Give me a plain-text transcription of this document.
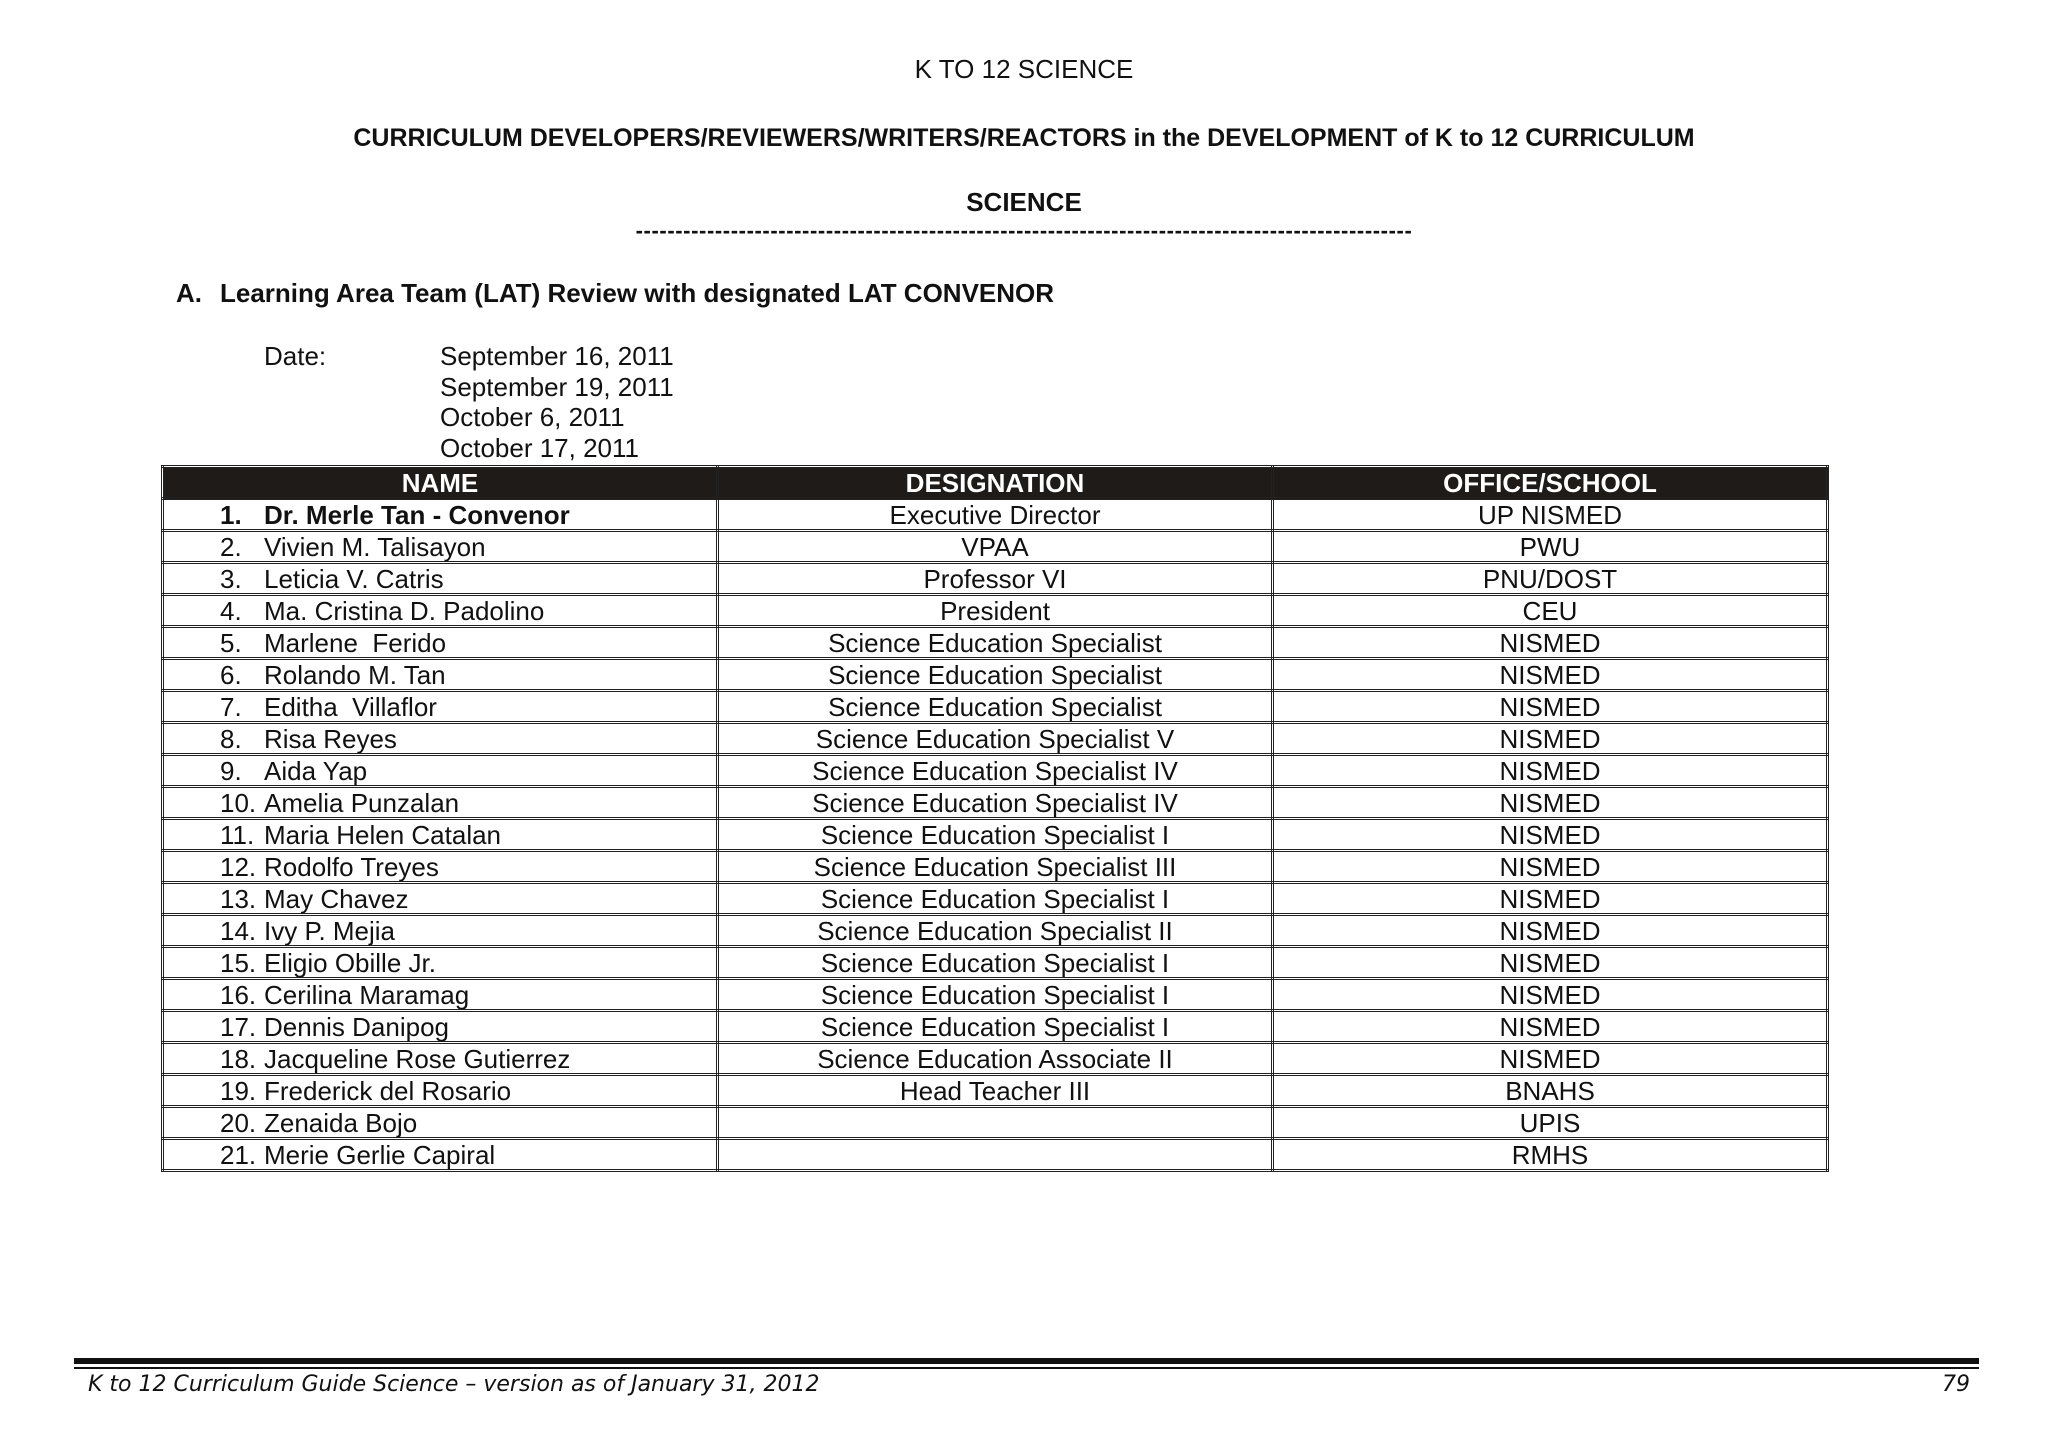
K TO 12 SCIENCE
CURRICULUM DEVELOPERS/REVIEWERS/WRITERS/REACTORS in the DEVELOPMENT of K to 12 CURRICULUM
SCIENCE
--------------------------------------------------------------------------------------------------
A. Learning Area Team (LAT) Review with designated LAT CONVENOR
Date:	September 16, 2011
September 19, 2011
October 6, 2011
October 17, 2011
NAME	DESIGNATION	OFFICE/SCHOOL
1. Dr. Merle Tan - Convenor	Executive Director	UP NISMED
2. Vivien M. Talisayon	VPAA	PWU
3. Leticia V. Catris	Professor VI	PNU/DOST
4. Ma. Cristina D. Padolino	President	CEU
5. Marlene  Ferido	Science Education Specialist	NISMED
6. Rolando M. Tan	Science Education Specialist	NISMED
7. Editha  Villaflor	Science Education Specialist	NISMED
8. Risa Reyes	Science Education Specialist V	NISMED
9. Aida Yap	Science Education Specialist IV	NISMED
10. Amelia Punzalan	Science Education Specialist IV	NISMED
11. Maria Helen Catalan	Science Education Specialist I	NISMED
12. Rodolfo Treyes	Science Education Specialist III	NISMED
13. May Chavez	Science Education Specialist I	NISMED
14. Ivy P. Mejia	Science Education Specialist II	NISMED
15. Eligio Obille Jr.	Science Education Specialist I	NISMED
16. Cerilina Maramag	Science Education Specialist I	NISMED
17. Dennis Danipog	Science Education Specialist I	NISMED
18. Jacqueline Rose Gutierrez	Science Education Associate II	NISMED
19. Frederick del Rosario	Head Teacher III	BNAHS
20. Zenaida Bojo		UPIS
21. Merie Gerlie Capiral		RMHS
K to 12 Curriculum Guide Science – version as of January 31, 2012	79
